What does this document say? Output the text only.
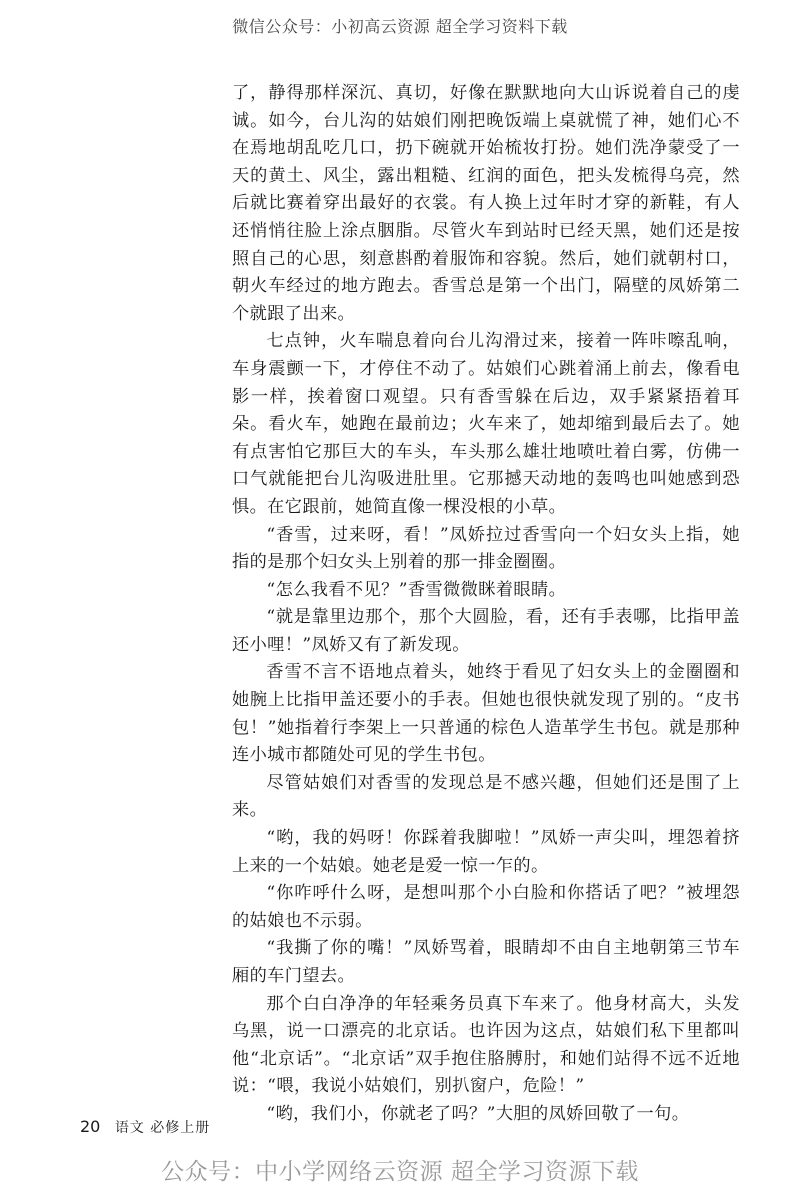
微信公众号：小初高云资源 超全学习资料下载

了，静得那样深沉、真切，好像在默默地向大山诉说着自己的虔诚。如今，台儿沟的姑娘们刚把晚饭端上桌就慌了神，她们心不在焉地胡乱吃几口，扔下碗就开始梳妆打扮。她们洗净蒙受了一天的黄土、风尘，露出粗糙、红润的面色，把头发梳得乌亮，然后就比赛着穿出最好的衣裳。有人换上过年时才穿的新鞋，有人还悄悄往脸上涂点胭脂。尽管火车到站时已经天黑，她们还是按照自己的心思，刻意斟酌着服饰和容貌。然后，她们就朝村口，朝火车经过的地方跑去。香雪总是第一个出门，隔壁的凤娇第二个就跟了出来。

七点钟，火车喘息着向台儿沟滑过来，接着一阵咔嚓乱响，车身震颤一下，才停住不动了。姑娘们心跳着涌上前去，像看电影一样，挨着窗口观望。只有香雪躲在后边，双手紧紧捂着耳朵。看火车，她跑在最前边；火车来了，她却缩到最后去了。她有点害怕它那巨大的车头，车头那么雄壮地喷吐着白雾，仿佛一口气就能把台儿沟吸进肚里。它那撼天动地的轰鸣也叫她感到恐惧。在它跟前，她简直像一棵没根的小草。

“香雪，过来呀，看！”凤娇拉过香雪向一个妇女头上指，她指的是那个妇女头上别着的那一排金圈圈。

“怎么我看不见？”香雪微微眯着眼睛。

“就是靠里边那个，那个大圆脸，看，还有手表哪，比指甲盖还小哩！”凤娇又有了新发现。

香雪不言不语地点着头，她终于看见了妇女头上的金圈圈和她腕上比指甲盖还要小的手表。但她也很快就发现了别的。“皮书包！”她指着行李架上一只普通的棕色人造革学生书包。就是那种连小城市都随处可见的学生书包。

尽管姑娘们对香雪的发现总是不感兴趣，但她们还是围了上来。

“哟，我的妈呀！你踩着我脚啦！”凤娇一声尖叫，埋怨着挤上来的一个姑娘。她老是爱一惊一乍的。

“你咋呼什么呀，是想叫那个小白脸和你搭话了吧？”被埋怨的姑娘也不示弱。

“我撕了你的嘴！”凤娇骂着，眼睛却不由自主地朝第三节车厢的车门望去。

那个白白净净的年轻乘务员真下车来了。他身材高大，头发乌黑，说一口漂亮的北京话。也许因为这点，姑娘们私下里都叫他“北京话”。“北京话”双手抱住胳膊肘，和她们站得不远不近地说：“喂，我说小姑娘们，别扒窗户，危险！”

“哟，我们小，你就老了吗？”大胆的凤娇回敬了一句。

20 语文 必修上册
公众号：中小学网络云资源 超全学习资源下载
